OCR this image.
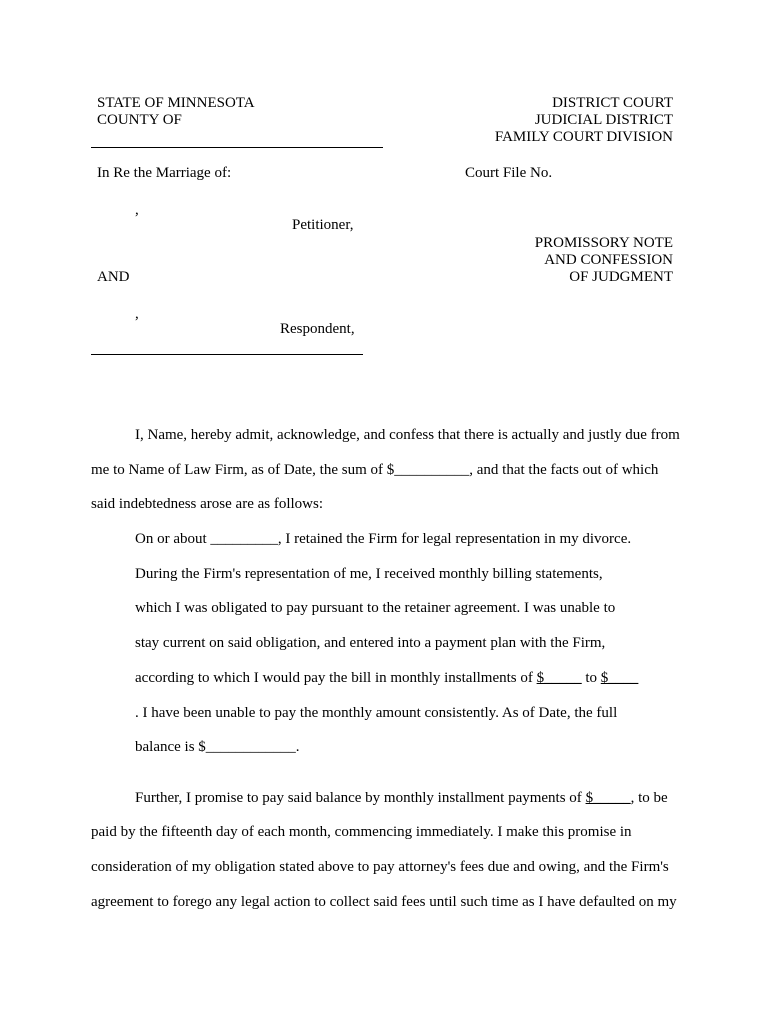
STATE OF MINNESOTA
COUNTY OF
DISTRICT COURT
JUDICIAL DISTRICT
FAMILY COURT DIVISION
In Re the Marriage of:	Court File No.
,
Petitioner,
PROMISSORY NOTE
AND CONFESSION
OF JUDGMENT
AND
,
Respondent,
I, Name, hereby admit, acknowledge, and confess that there is actually and justly due from
me to Name of Law Firm, as of Date, the sum of $__________, and that the facts out of which
said indebtedness arose are as follows:
On or about _________, I retained the Firm for legal representation in my divorce.
During the Firm's representation of me, I received monthly billing statements,
which I was obligated to pay pursuant to the retainer agreement. I was unable to
stay current on said obligation, and entered into a payment plan with the Firm,
according to which I would pay the bill in monthly installments of $_____ to $____
. I have been unable to pay the monthly amount consistently. As of Date, the full
balance is $____________.
Further, I promise to pay said balance by monthly installment payments of $_____, to be
paid by the fifteenth day of each month, commencing immediately. I make this promise in
consideration of my obligation stated above to pay attorney's fees due and owing, and the Firm's
agreement to forego any legal action to collect said fees until such time as I have defaulted on my
